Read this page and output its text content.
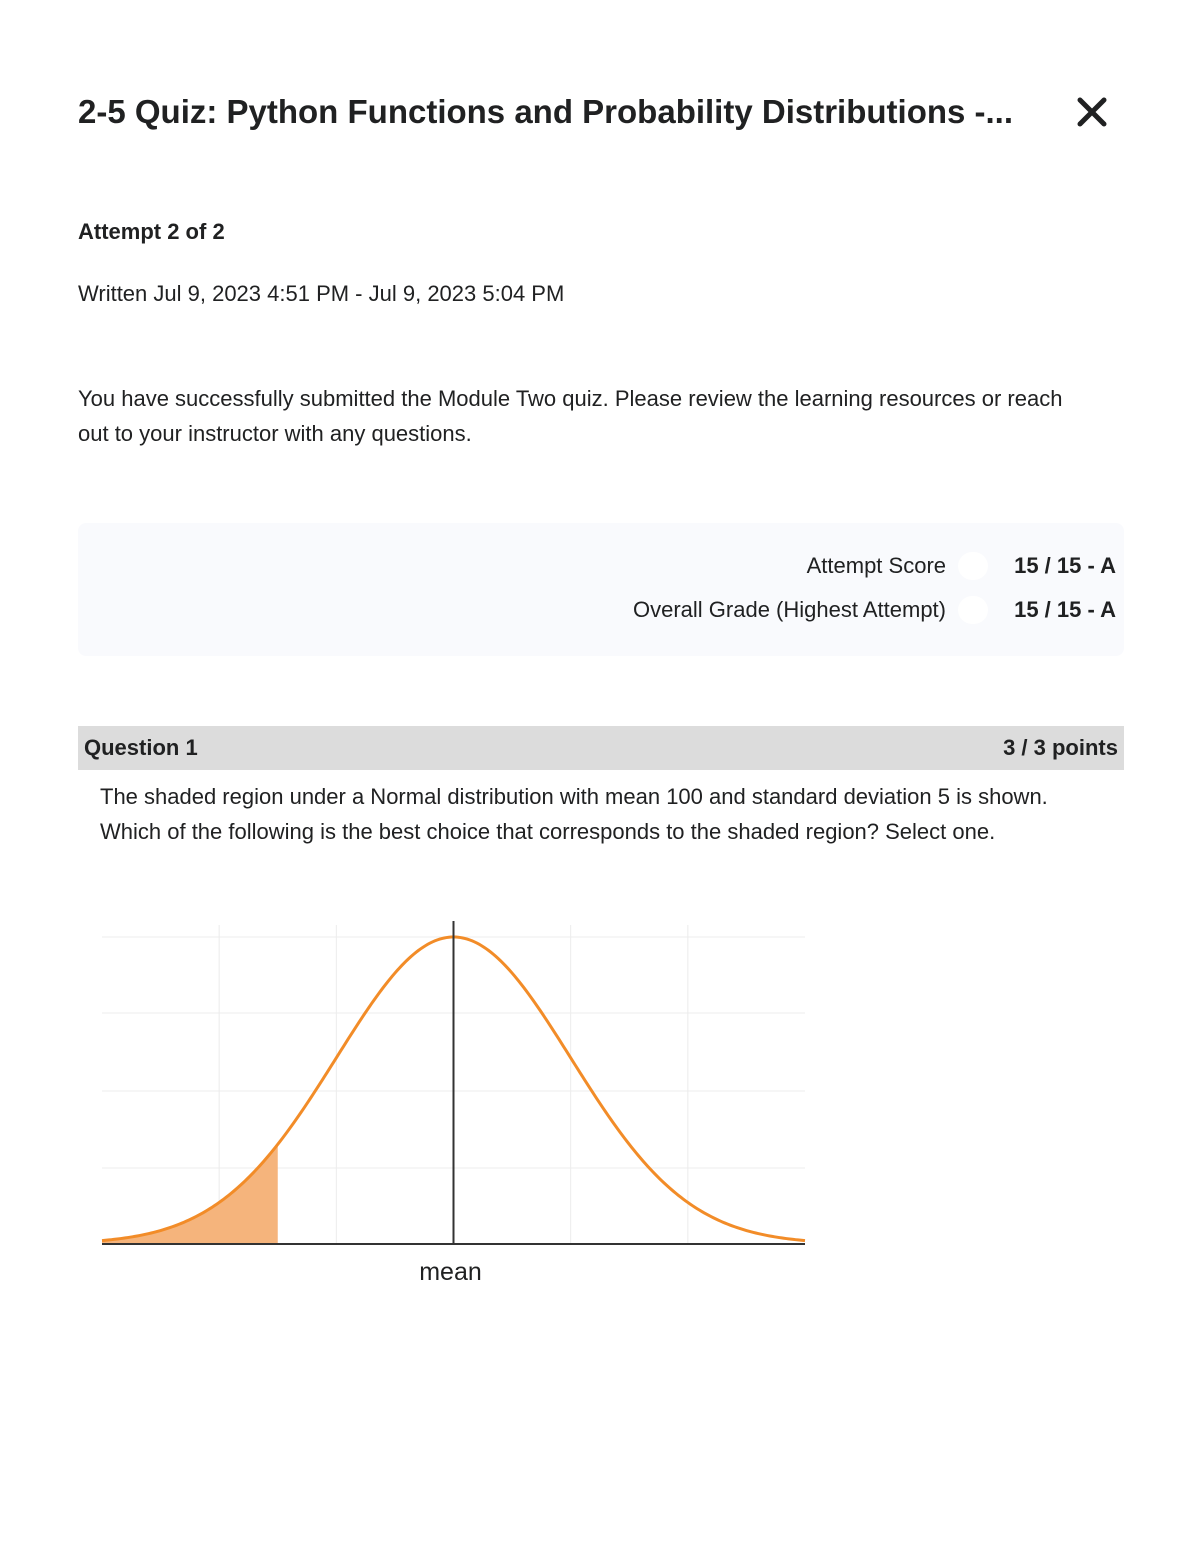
2-5 Quiz: Python Functions and Probability Distributions -...
Attempt 2 of 2
Written Jul 9, 2023 4:51 PM - Jul 9, 2023 5:04 PM
You have successfully submitted the Module Two quiz. Please review the learning resources or reach out to your instructor with any questions.
Attempt Score	15 / 15 - A
Overall Grade (Highest Attempt)	15 / 15 - A
Question 1	3 / 3 points
The shaded region under a Normal distribution with mean 100 and standard deviation 5 is shown. Which of the following is the best choice that corresponds to the shaded region? Select one.
mean
